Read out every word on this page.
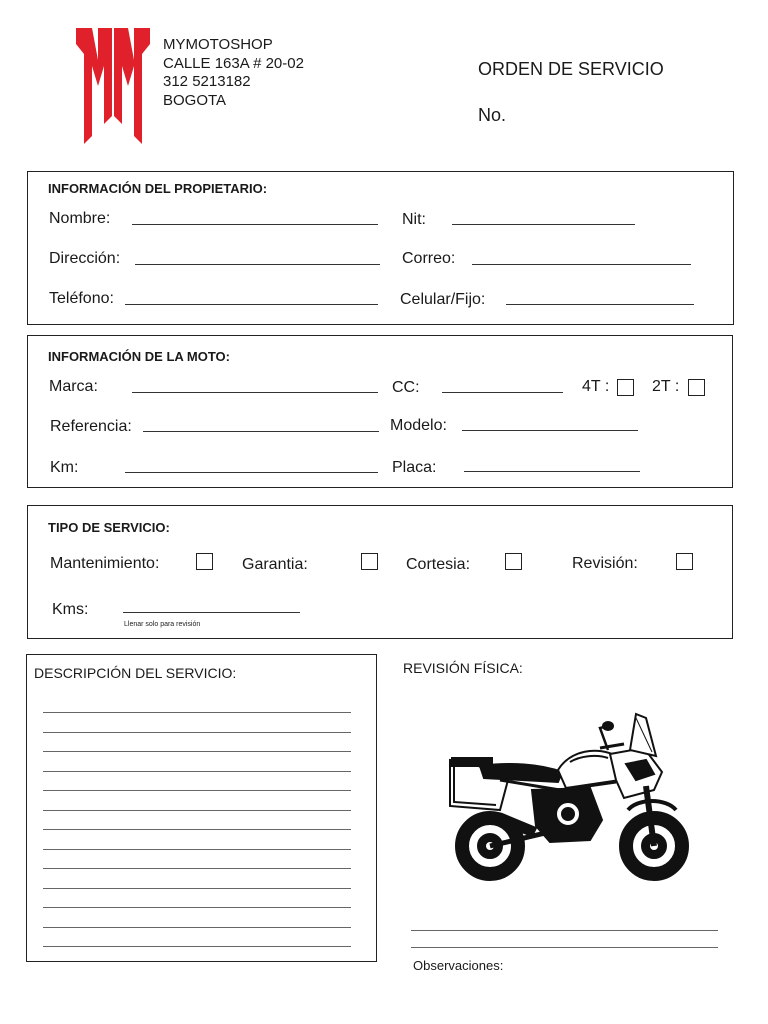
MYMOTOSHOP
CALLE 163A # 20-02
312 5213182
BOGOTA
ORDEN DE SERVICIO
No.
INFORMACIÓN DEL PROPIETARIO:
Nombre:	Nit:
Dirección:	Correo:
Teléfono:	Celular/Fijo:
INFORMACIÓN DE LA MOTO:
Marca:	CC:	4T :	2T :
Referencia:	Modelo:
Km:	Placa:
TIPO DE SERVICIO:
Mantenimiento:	Garantia:	Cortesia:	Revisión:
Kms:
Llenar solo para revisión
DESCRIPCIÓN DEL SERVICIO:	REVISIÓN FÍSICA:
Observaciones:
